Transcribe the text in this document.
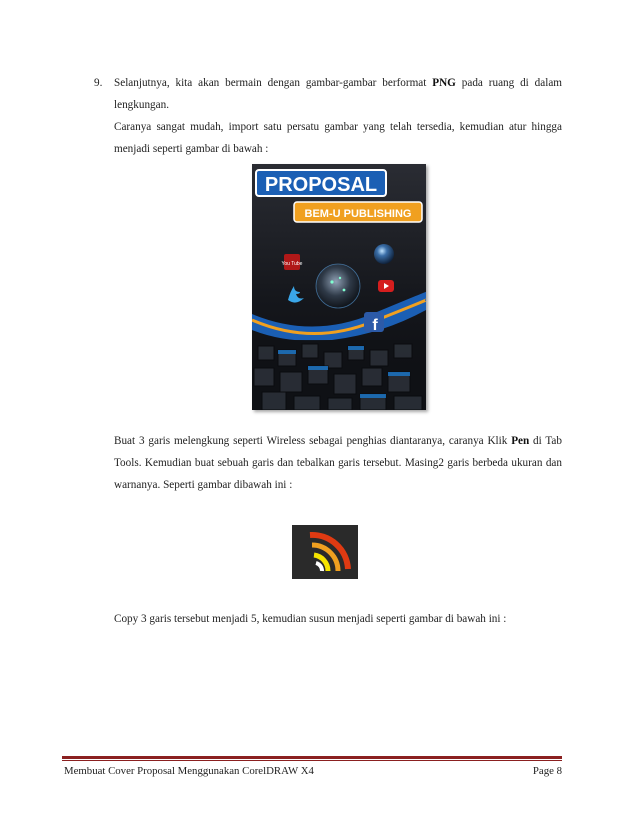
9. Selanjutnya, kita akan bermain dengan gambar-gambar berformat PNG pada ruang di dalam lengkungan.
Caranya sangat mudah, import satu persatu gambar yang telah tersedia, kemudian atur hingga menjadi seperti gambar di bawah :
PROPOSAL
BEM-U PUBLISHING
You Tube
f
Buat 3 garis melengkung seperti Wireless sebagai penghias diantaranya, caranya Klik Pen di Tab Tools. Kemudian buat sebuah garis dan tebalkan garis tersebut. Masing2 garis berbeda ukuran dan warnanya. Seperti gambar dibawah ini :
Copy 3 garis tersebut menjadi 5, kemudian susun menjadi seperti gambar di bawah ini :
Membuat Cover Proposal Menggunakan CorelDRAW X4	Page 8
